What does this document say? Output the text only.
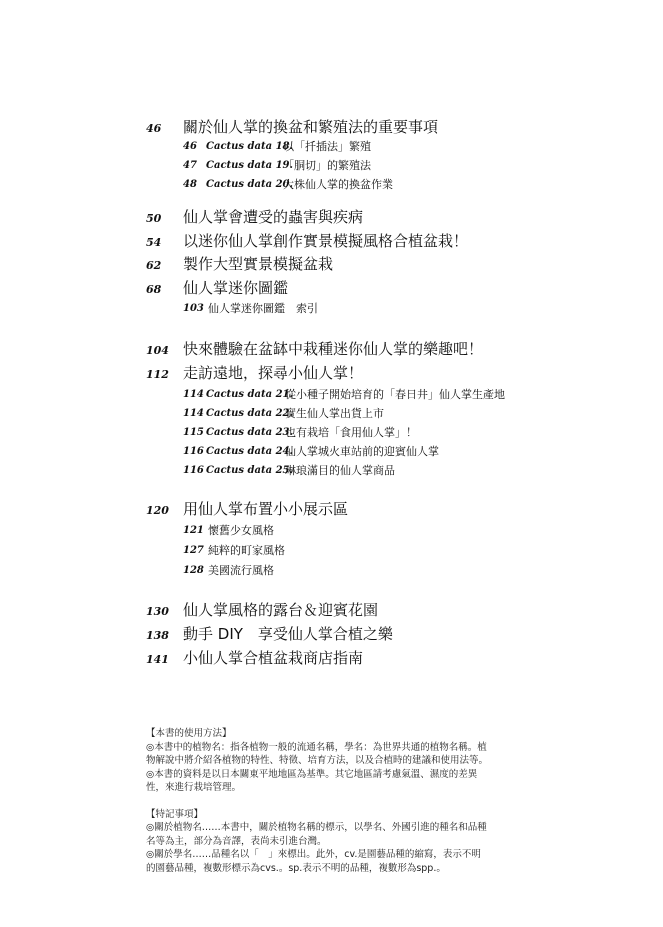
46 關於仙人掌的換盆和繁殖法的重要事項
46 Cactus data 18.
以「扦插法」繁殖
47 Cactus data 19.
「胴切」的繁殖法
48 Cactus data 20.
大株仙人掌的換盆作業
50 仙人掌會遭受的蟲害與疾病
54 以迷你仙人掌創作實景模擬風格合植盆栽！
62 製作大型實景模擬盆栽
68 仙人掌迷你圖鑑
103 仙人掌迷你圖鑑　索引
104 快來體驗在盆缽中栽種迷你仙人掌的樂趣吧！
112 走訪遠地，探尋小仙人掌！
114 Cactus data 21.
從小種子開始培育的「春日井」仙人掌生產地
114 Cactus data 22.
實生仙人掌出貨上市
115 Cactus data 23.
也有栽培「食用仙人掌」！
116 Cactus data 24.
仙人掌城火車站前的迎賓仙人掌
116 Cactus data 25.
琳琅滿目的仙人掌商品
120 用仙人掌布置小小展示區
121 懷舊少女風格
127 純粹的町家風格
128 美國流行風格
130 仙人掌風格的露台＆迎賓花園
138 動手 DIY　享受仙人掌合植之樂
141 小仙人掌合植盆栽商店指南

【本書的使用方法】

◎本書中的植物名：指各植物一般的流通名稱，學名：為世界共通的植物名稱。植

物解說中將介紹各植物的特性、特徵、培育方法，以及合植時的建議和使用法等。

◎本書的資料是以日本關東平地地區為基準。其它地區請考慮氣溫、濕度的差異

性，來進行栽培管理。

【特記事項】

◎關於植物名……本書中，關於植物名稱的標示，以學名、外國引進的種名和品種

名等為主，部分為音譯，表尚未引進台灣。

◎關於學名……品種名以「　」來標出。此外，cv.是園藝品種的縮寫，表示不明

的園藝品種，複數形標示為cvs.。sp.表示不明的品種，複數形為spp.。
